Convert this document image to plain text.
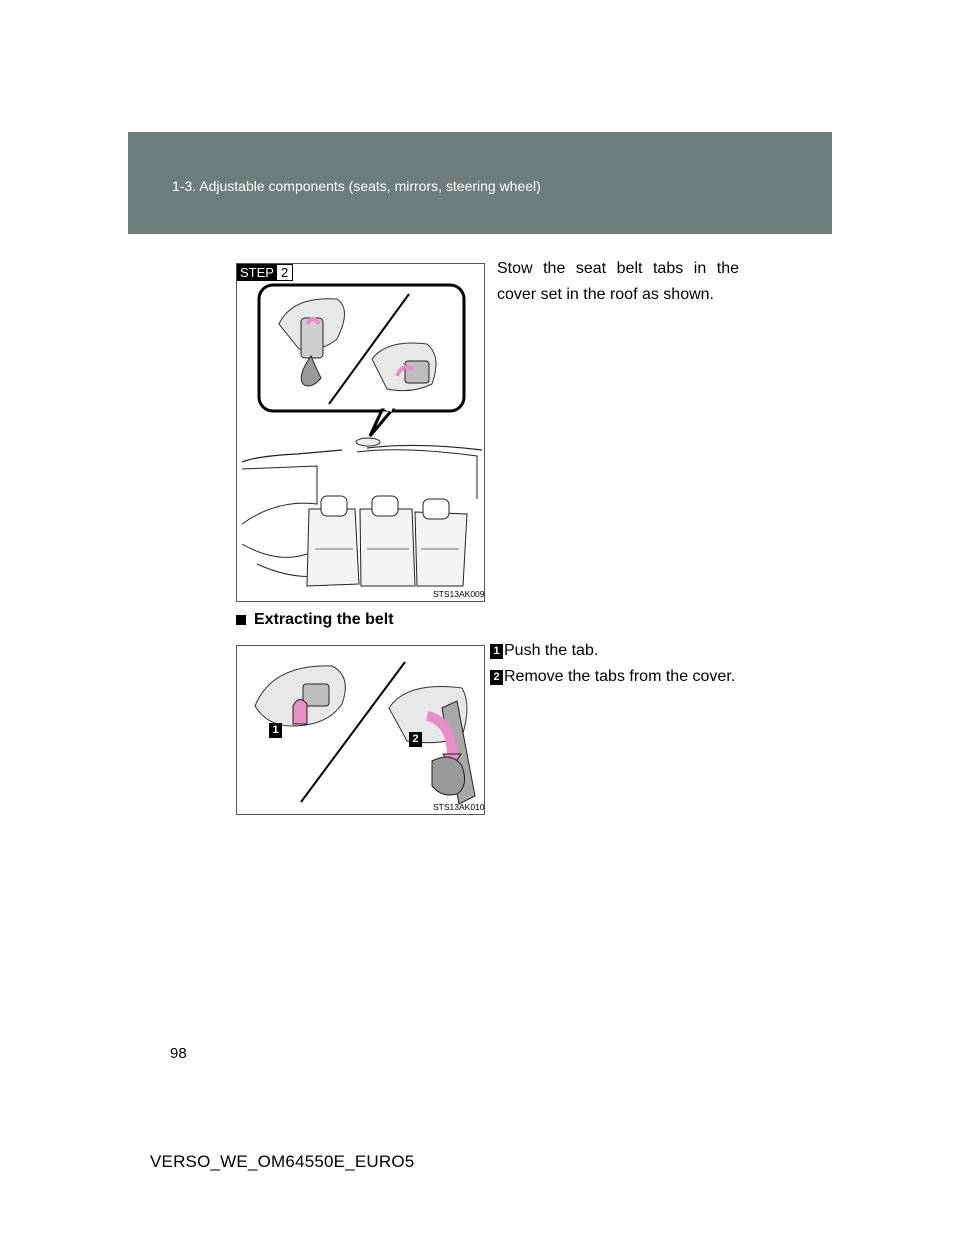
1-3. Adjustable components (seats, mirrors, steering wheel)
STEP 2
STS13AK009
Stow the seat belt tabs in the cover set in the roof as shown.
Extracting the belt
1
2
STS13AK010
1 Push the tab.
2 Remove the tabs from the cover.
98
VERSO_WE_OM64550E_EURO5
